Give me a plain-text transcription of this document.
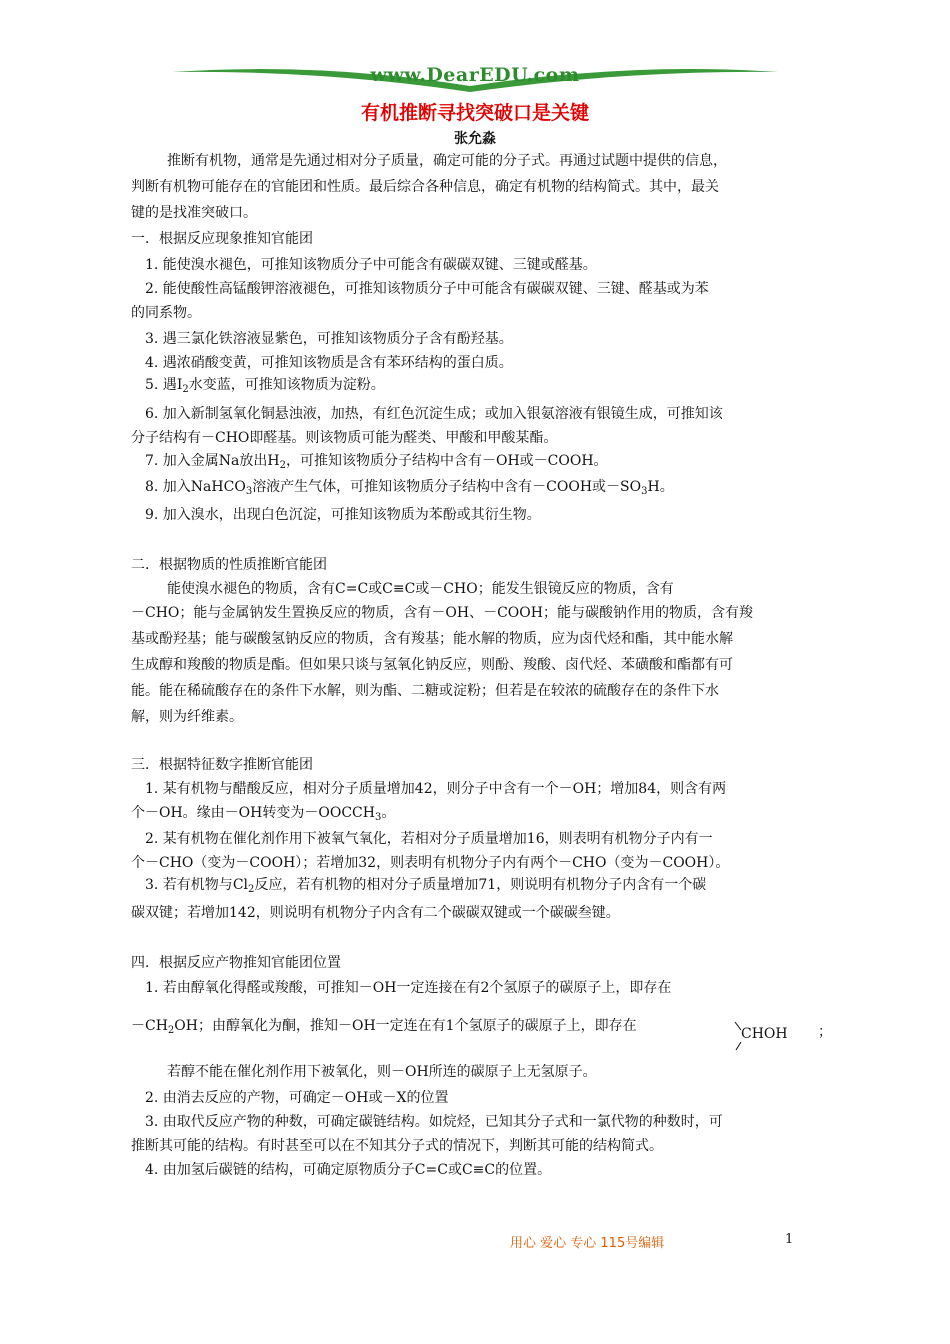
www.DearEDU.com
有机推断寻找突破口是关键
张允淼
推断有机物，通常是先通过相对分子质量，确定可能的分子式。再通过试题中提供的信息，
判断有机物可能存在的官能团和性质。最后综合各种信息，确定有机物的结构简式。其中，最关
键的是找准突破口。
一．根据反应现象推知官能团
1. 能使溴水褪色，可推知该物质分子中可能含有碳碳双键、三键或醛基。
2. 能使酸性高锰酸钾溶液褪色，可推知该物质分子中可能含有碳碳双键、三键、醛基或为苯
的同系物。
3. 遇三氯化铁溶液显紫色，可推知该物质分子含有酚羟基。
4. 遇浓硝酸变黄，可推知该物质是含有苯环结构的蛋白质。
5. 遇$I_2$水变蓝，可推知该物质为淀粉。
6. 加入新制氢氧化铜悬浊液，加热，有红色沉淀生成；或加入银氨溶液有银镜生成，可推知该
分子结构有－CHO即醛基。则该物质可能为醛类、甲酸和甲酸某酯。
7. 加入金属Na放出$H_2$，可推知该物质分子结构中含有－OH或－COOH。
8. 加入NaHCO$_3$溶液产生气体，可推知该物质分子结构中含有－COOH或$-SO_3H$。
9. 加入溴水，出现白色沉淀，可推知该物质为苯酚或其衍生物。
二．根据物质的性质推断官能团
能使溴水褪色的物质，含有C=C或C≡C或－CHO；能发生银镜反应的物质，含有
－CHO；能与金属钠发生置换反应的物质，含有－OH、－COOH；能与碳酸钠作用的物质，含有羧
基或酚羟基；能与碳酸氢钠反应的物质，含有羧基；能水解的物质，应为卤代烃和酯，其中能水解
生成醇和羧酸的物质是酯。但如果只谈与氢氧化钠反应，则酚、羧酸、卤代烃、苯磺酸和酯都有可
能。能在稀硫酸存在的条件下水解，则为酯、二糖或淀粉；但若是在较浓的硫酸存在的条件下水
解，则为纤维素。
三．根据特征数字推断官能团
1. 某有机物与醋酸反应，相对分子质量增加42，则分子中含有一个－OH；增加84，则含有两
个－OH。缘由－OH转变为$-OOCCH_3$。
2. 某有机物在催化剂作用下被氧气氧化，若相对分子质量增加16，则表明有机物分子内有一
个－CHO（变为－COOH）；若增加32，则表明有机物分子内有两个－CHO（变为－COOH）。
3. 若有机物与$Cl_2$反应，若有机物的相对分子质量增加71，则说明有机物分子内含有一个碳
碳双键；若增加142，则说明有机物分子内含有二个碳碳双键或一个碳碳叁键。
四．根据反应产物推知官能团位置
1. 若由醇氧化得醛或羧酸，可推知－OH一定连接在有2个氢原子的碳原子上，即存在
$-CH_2OH$；由醇氧化为酮，推知－OH一定连在有1个氢原子的碳原子上，即存在	CHOH ；
若醇不能在催化剂作用下被氧化，则－OH所连的碳原子上无氢原子。
2. 由消去反应的产物，可确定－OH或－X的位置
3. 由取代反应产物的种数，可确定碳链结构。如烷烃，已知其分子式和一氯代物的种数时，可
推断其可能的结构。有时甚至可以在不知其分子式的情况下，判断其可能的结构简式。
4. 由加氢后碳链的结构，可确定原物质分子C=C或C≡C的位置。
用心 爱心 专心 115号编辑	1
